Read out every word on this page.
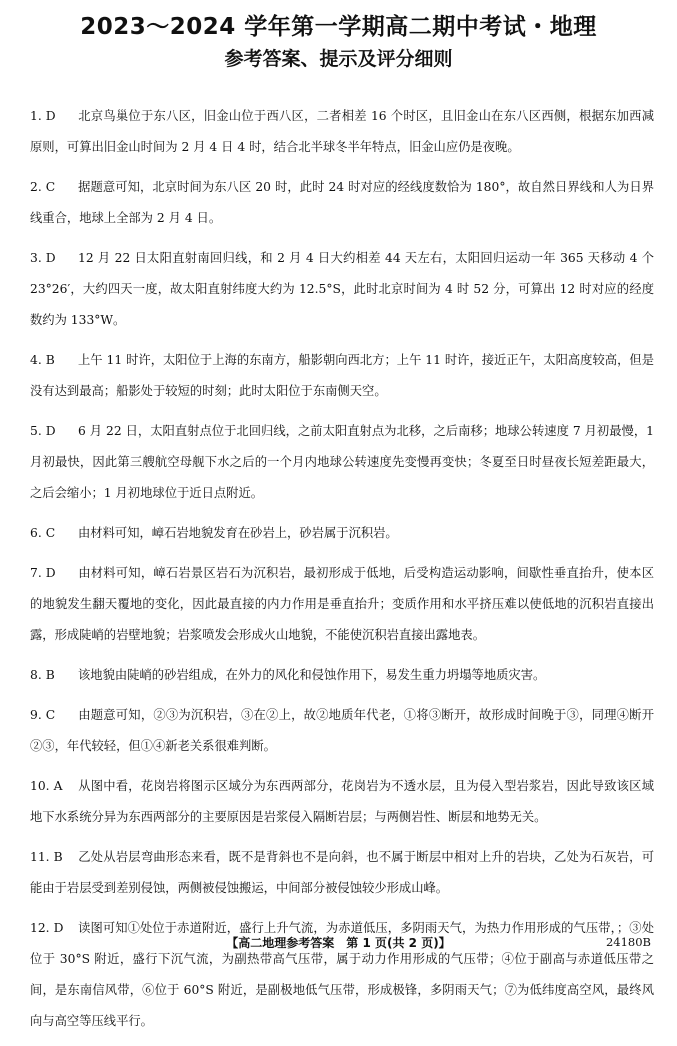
2023～2024 学年第一学期高二期中考试・地理
参考答案、提示及评分细则

1. D 北京鸟巢位于东八区，旧金山位于西八区，二者相差 16 个时区，且旧金山在东八区西侧，根据东加西减原则，可算出旧金山时间为 2 月 4 日 4 时，结合北半球冬半年特点，旧金山应仍是夜晚。

2. C 据题意可知，北京时间为东八区 20 时，此时 24 时对应的经线度数恰为 180°，故自然日界线和人为日界线重合，地球上全部为 2 月 4 日。

3. D 12 月 22 日太阳直射南回归线，和 2 月 4 日大约相差 44 天左右，太阳回归运动一年 365 天移动 4 个 23°26′，大约四天一度，故太阳直射纬度大约为 12.5°S，此时北京时间为 4 时 52 分，可算出 12 时对应的经度数约为 133°W。

4. B 上午 11 时许，太阳位于上海的东南方，船影朝向西北方；上午 11 时许，接近正午，太阳高度较高，但是没有达到最高；船影处于较短的时刻；此时太阳位于东南侧天空。

5. D 6 月 22 日，太阳直射点位于北回归线，之前太阳直射点为北移，之后南移；地球公转速度 7 月初最慢，1 月初最快，因此第三艘航空母舰下水之后的一个月内地球公转速度先变慢再变快；冬夏至日时昼夜长短差距最大，之后会缩小；1 月初地球位于近日点附近。

6. C 由材料可知，嶂石岩地貌发育在砂岩上，砂岩属于沉积岩。

7. D 由材料可知，嶂石岩景区岩石为沉积岩，最初形成于低地，后受构造运动影响，间歇性垂直抬升，使本区的地貌发生翻天覆地的变化，因此最直接的内力作用是垂直抬升；变质作用和水平挤压难以使低地的沉积岩直接出露，形成陡峭的岩壁地貌；岩浆喷发会形成火山地貌，不能使沉积岩直接出露地表。

8. B 该地貌由陡峭的砂岩组成，在外力的风化和侵蚀作用下，易发生重力坍塌等地质灾害。

9. C 由题意可知，②③为沉积岩，③在②上，故②地质年代老，①将③断开，故形成时间晚于③，同理④断开②③，年代较轻，但①④新老关系很难判断。

10. A 从图中看，花岗岩将图示区域分为东西两部分，花岗岩为不透水层，且为侵入型岩浆岩，因此导致该区域地下水系统分异为东西两部分的主要原因是岩浆侵入隔断岩层；与两侧岩性、断层和地势无关。

11. B 乙处从岩层弯曲形态来看，既不是背斜也不是向斜，也不属于断层中相对上升的岩块，乙处为石灰岩，可能由于岩层受到差别侵蚀，两侧被侵蚀搬运，中间部分被侵蚀较少形成山峰。

12. D 读图可知①处位于赤道附近，盛行上升气流，为赤道低压，多阴雨天气，为热力作用形成的气压带，；③处位于 30°S 附近，盛行下沉气流，为副热带高气压带，属于动力作用形成的气压带；④位于副高与赤道低压带之间，是东南信风带，⑥位于 60°S 附近，是副极地低气压带，形成极锋，多阴雨天气；⑦为低纬度高空风，最终风向与高空等压线平行。

【高二地理参考答案　第 1 页(共 2 页)】	24180B
